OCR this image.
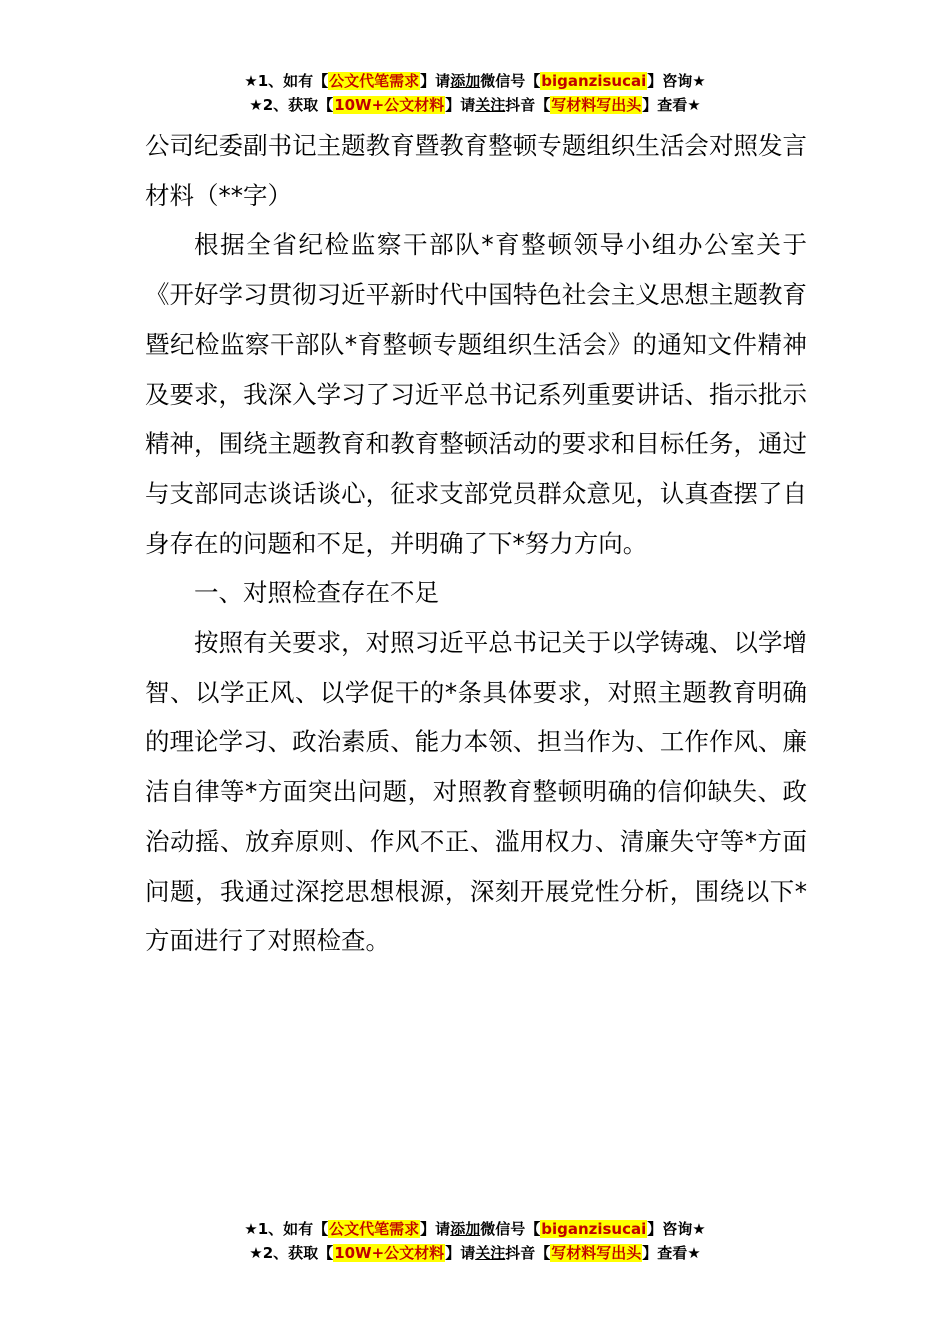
★1、如有【公文代笔需求】请添加微信号【biganzisucai】咨询★
★2、获取【10W+公文材料】请关注抖音【写材料写出头】查看★

公司纪委副书记主题教育暨教育整顿专题组织生活会对照发言材料（**字）

根据全省纪检监察干部队*育整顿领导小组办公室关于《开好学习贯彻习近平新时代中国特色社会主义思想主题教育暨纪检监察干部队*育整顿专题组织生活会》的通知文件精神及要求，我深入学习了习近平总书记系列重要讲话、指示批示精神，围绕主题教育和教育整顿活动的要求和目标任务，通过与支部同志谈话谈心，征求支部党员群众意见，认真查摆了自身存在的问题和不足，并明确了下*努力方向。

一、对照检查存在不足

按照有关要求，对照习近平总书记关于以学铸魂、以学增智、以学正风、以学促干的*条具体要求，对照主题教育明确的理论学习、政治素质、能力本领、担当作为、工作作风、廉洁自律等*方面突出问题，对照教育整顿明确的信仰缺失、政治动摇、放弃原则、作风不正、滥用权力、清廉失守等*方面问题，我通过深挖思想根源，深刻开展党性分析，围绕以下*方面进行了对照检查。

★1、如有【公文代笔需求】请添加微信号【biganzisucai】咨询★
★2、获取【10W+公文材料】请关注抖音【写材料写出头】查看★
